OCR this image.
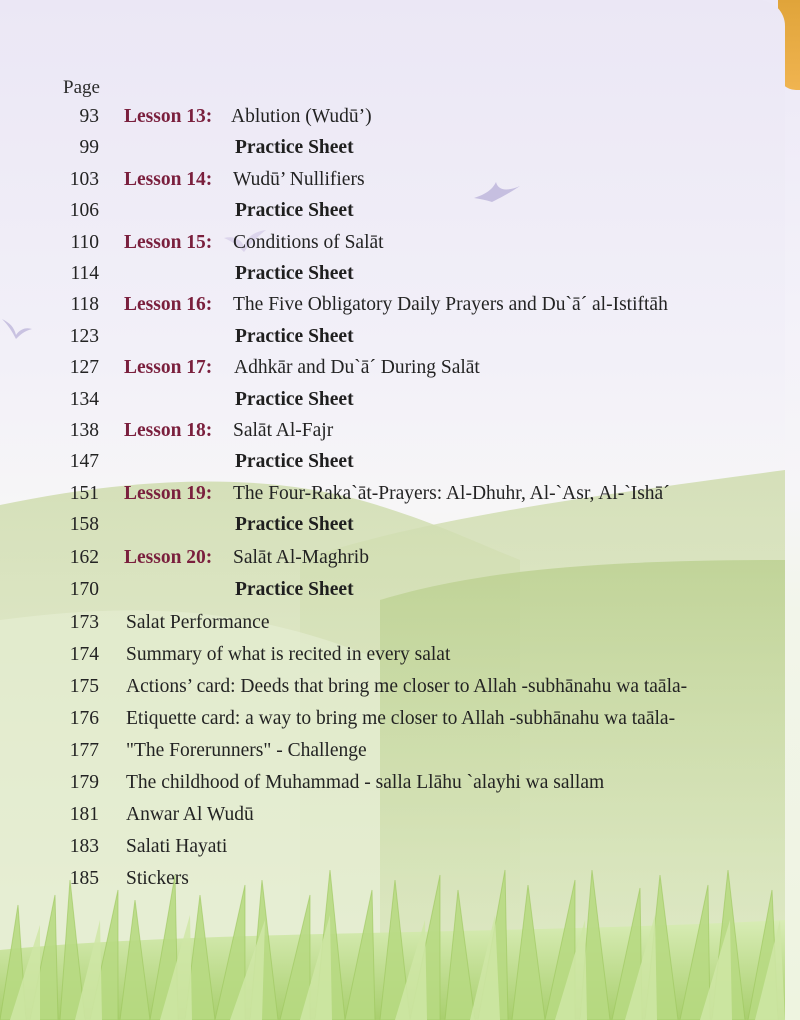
Page
93 Lesson 13: Ablution (Wudū’)
99	Practice Sheet
103 Lesson 14: Wudū’ Nullifiers
106	Practice Sheet
110 Lesson 15: Conditions of Salāt
114	Practice Sheet
118 Lesson 16: The Five Obligatory Daily Prayers and Du`ā´ al-Istiftāh
123	Practice Sheet
127 Lesson 17: Adhkār and Du`ā´ During Salāt
134	Practice Sheet
138 Lesson 18: Salāt Al-Fajr
147	Practice Sheet
151 Lesson 19: The Four-Raka`āt-Prayers: Al-Dhuhr, Al-`Asr, Al-`Ishā´
158	Practice Sheet
162 Lesson 20: Salāt Al-Maghrib
170	Practice Sheet
173 Salat Performance
174 Summary of what is recited in every salat
175 Actions’ card: Deeds that bring me closer to Allah -subhānahu wa taāla-
176 Etiquette card: a way to bring me closer to Allah -subhānahu wa taāla-
177 "The Forerunners" - Challenge
179 The childhood of Muhammad - salla Llāhu `alayhi wa sallam
181 Anwar Al Wudū
183 Salati Hayati
185 Stickers
